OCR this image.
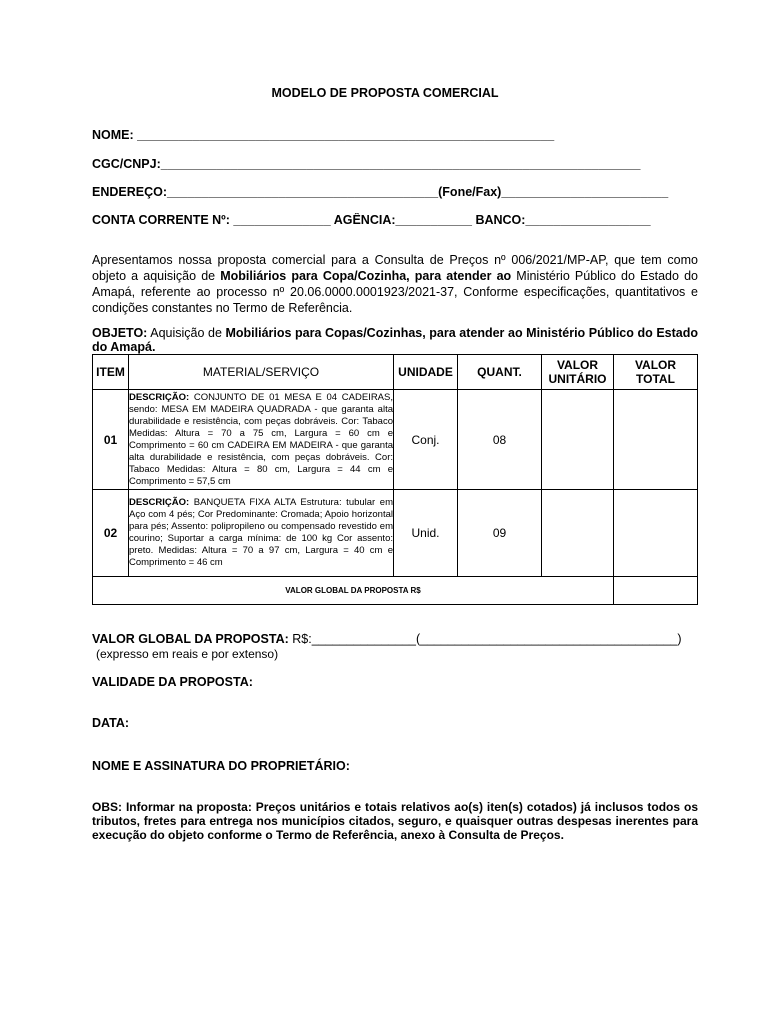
MODELO DE PROPOSTA COMERCIAL
NOME: ____________________________________________________________
CGC/CNPJ:_____________________________________________________________________
ENDEREÇO:_______________________________________(Fone/Fax)________________________
CONTA CORRENTE Nº: ______________ AGÊNCIA:___________ BANCO:__________________
Apresentamos nossa proposta comercial para a Consulta de Preços nº 006/2021/MP-AP, que tem como objeto a aquisição de Mobiliários para Copa/Cozinha, para atender ao Ministério Público do Estado do Amapá, referente ao processo nº 20.06.0000.0001923/2021-37, Conforme especificações, quantitativos e condições constantes no Termo de Referência.
OBJETO: Aquisição de Mobiliários para Copas/Cozinhas, para atender ao Ministério Público do Estado do Amapá.
ITEM	MATERIAL/SERVIÇO	UNIDADE	QUANT.	VALOR UNITÁRIO	VALOR TOTAL
01	DESCRIÇÃO: CONJUNTO DE 01 MESA E 04 CADEIRAS, sendo: MESA EM MADEIRA QUADRADA - que garanta alta durabilidade e resistência, com peças dobráveis. Cor: Tabaco Medidas: Altura = 70 a 75 cm, Largura = 60 cm e Comprimento = 60 cm CADEIRA EM MADEIRA - que garanta alta durabilidade e resistência, com peças dobráveis. Cor: Tabaco Medidas: Altura = 80 cm, Largura = 44 cm e Comprimento = 57,5 cm	Conj.	08		
02	DESCRIÇÃO: BANQUETA FIXA ALTA Estrutura: tubular em Aço com 4 pés; Cor Predominante: Cromada; Apoio horizontal para pés; Assento: polipropileno ou compensado revestido em courino; Suportar a carga mínima: de 100 kg Cor assento: preto. Medidas: Altura = 70 a 97 cm, Largura = 40 cm e Comprimento = 46 cm	Unid.	09		
VALOR GLOBAL DA PROPOSTA R$					
VALOR GLOBAL DA PROPOSTA: R$:_______________(_____________________________________)
(expresso em reais e por extenso)
VALIDADE DA PROPOSTA:
DATA:
NOME E ASSINATURA DO PROPRIETÁRIO:
OBS: Informar na proposta: Preços unitários e totais relativos ao(s) iten(s) cotados) já inclusos todos os tributos, fretes para entrega nos municípios citados, seguro, e quaisquer outras despesas inerentes para execução do objeto conforme o Termo de Referência, anexo à Consulta de Preços.
